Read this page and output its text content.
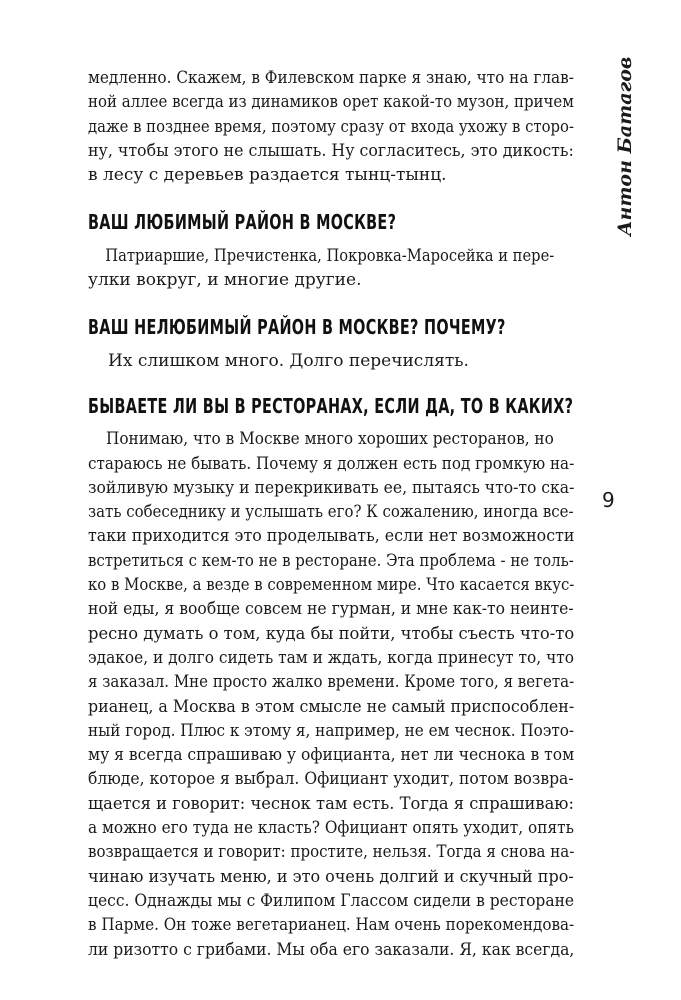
Антон Батагов
9
медленно. Скажем, в Филевском парке я знаю, что на глав-
ной аллее всегда из динамиков орет какой-то музон, причем
даже в позднее время, поэтому сразу от входа ухожу в сторо-
ну, чтобы этого не слышать. Ну согласитесь, это дикость:
в лесу с деревьев раздается тынц-тынц.
ВАШ ЛЮБИМЫЙ РАЙОН В МОСКВЕ?
Патриаршие, Пречистенка, Покровка-Маросейка и пере-
улки вокруг, и многие другие.
ВАШ НЕЛЮБИМЫЙ РАЙОН В МОСКВЕ? ПОЧЕМУ?
Их слишком много. Долго перечислять.
БЫВАЕТЕ ЛИ ВЫ В РЕСТОРАНАХ, ЕСЛИ ДА, ТО В КАКИХ?
Понимаю, что в Москве много хороших ресторанов, но
стараюсь не бывать. Почему я должен есть под громкую на-
зойливую музыку и перекрикивать ее, пытаясь что-то ска-
зать собеседнику и услышать его? К сожалению, иногда все-
таки приходится это проделывать, если нет возможности
встретиться с кем-то не в ресторане. Эта проблема - не толь-
ко в Москве, а везде в современном мире. Что касается вкус-
ной еды, я вообще совсем не гурман, и мне как-то неинте-
ресно думать о том, куда бы пойти, чтобы съесть что-то
эдакое, и долго сидеть там и ждать, когда принесут то, что
я заказал. Мне просто жалко времени. Кроме того, я вегета-
рианец, а Москва в этом смысле не самый приспособлен-
ный город. Плюс к этому я, например, не ем чеснок. Поэто-
му я всегда спрашиваю у официанта, нет ли чеснока в том
блюде, которое я выбрал. Официант уходит, потом возвра-
щается и говорит: чеснок там есть. Тогда я спрашиваю:
а можно его туда не класть? Официант опять уходит, опять
возвращается и говорит: простите, нельзя. Тогда я снова на-
чинаю изучать меню, и это очень долгий и скучный про-
цесс. Однажды мы с Филипом Глассом сидели в ресторане
в Парме. Он тоже вегетарианец. Нам очень порекомендова-
ли ризотто с грибами. Мы оба его заказали. Я, как всегда,
